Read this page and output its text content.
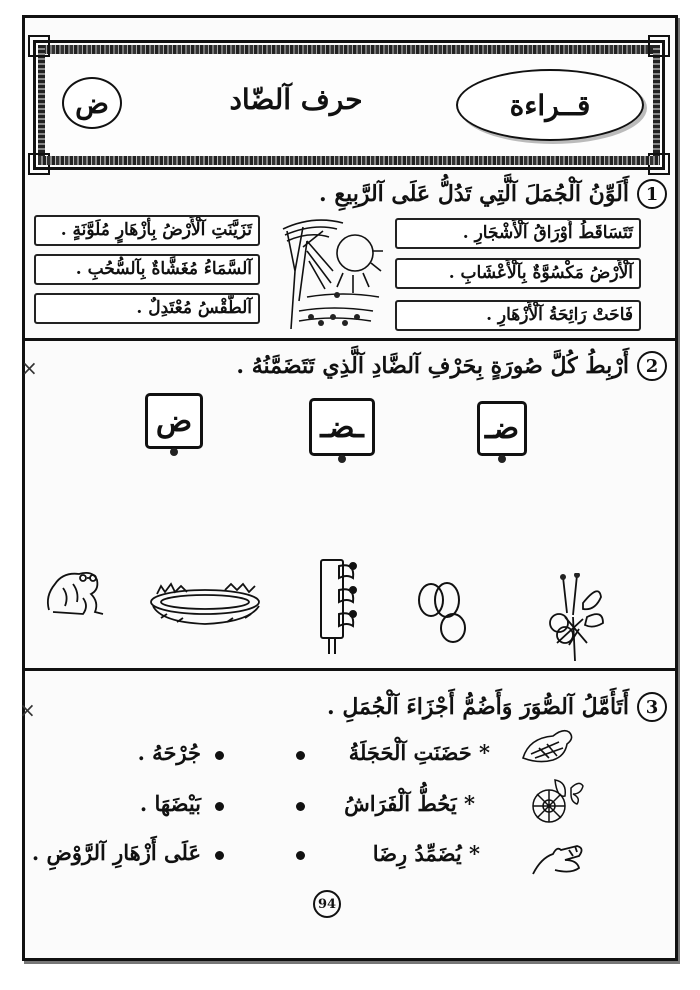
ض	حرف آلضّاد	قــراءة
1
أَلَوِّنُ آلْجُمَلَ آلَّتِي تَدُلُّ عَلَى آلرَّبِيعِ .
تَتَسَاقَطُ أَوْرَاقُ آلْأَشْجَارِ .
آلْأَرْضُ مَكْسُوَّةٌ بِآلْأَعْشَابِ .
فَاحَتْ رَائِحَةُ آلْأَزْهَارِ .
تَزَيَّنَتِ آلْأَرْضُ بِأَزْهَارٍ مُلَوَّنَةٍ .
آلسَّمَاءُ مُغَشَّاةٌ بِآلسُّحُبِ .
آلطَّقْسُ مُعْتَدِلٌ .
2
أَرْبِطُ كُلَّ صُورَةٍ بِحَرْفِ آلضَّادِ آلَّذِي تَتَضَمَّنُهُ .
×
ض	ـضـ	ضـ
3
أَتَأَمَّلُ آلصُّوَرَ وَأَضُمُّ أَجْزَاءَ آلْجُمَلِ .
×
* حَضَنَتِ آلْحَجَلَةُ
* يَحُطُّ آلْفَرَاشُ
* يُضَمِّدُ رِضَا
جُرْحَهُ .
بَيْضَهَا .
عَلَى أَزْهَارِ آلرَّوْضِ .
94
